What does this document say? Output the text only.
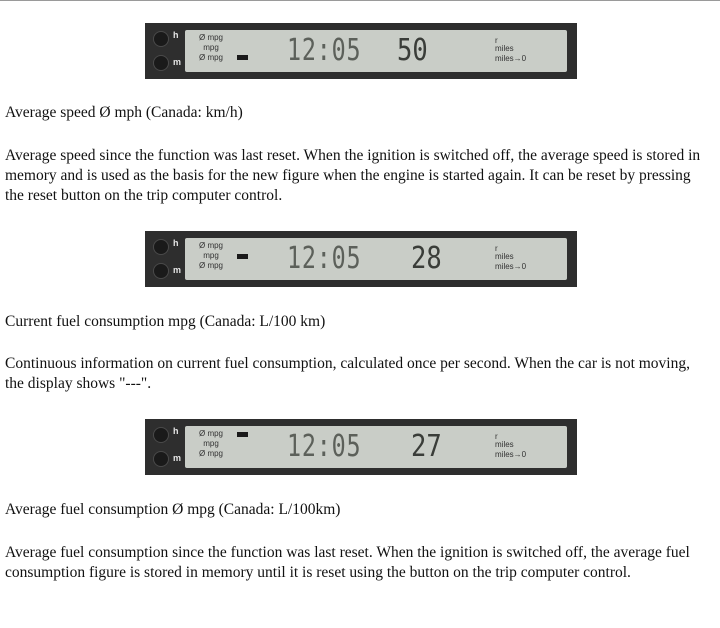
h
m
Ø mpg
mpg
Ø mpg 12:05 50	r
miles
miles→0

Average speed Ø mph (Canada: km/h)

Average speed since the function was last reset. When the ignition is switched off, the average speed is stored in memory and is used as the basis for the new figure when the engine is started again. It can be reset by pressing the reset button on the trip computer control.

h
m
Ø mpg
mpg
Ø mpg 12:05 28	r
miles
miles→0

Current fuel consumption mpg (Canada: L/100 km)

Continuous information on current fuel consumption, calculated once per second. When the car is not moving, the display shows "---".

h
m
Ø mpg
mpg
Ø mpg 12:05 27	r
miles
miles→0

Average fuel consumption Ø mpg (Canada: L/100km)

Average fuel consumption since the function was last reset. When the ignition is switched off, the average fuel consumption figure is stored in memory until it is reset using the button on the trip computer control.
